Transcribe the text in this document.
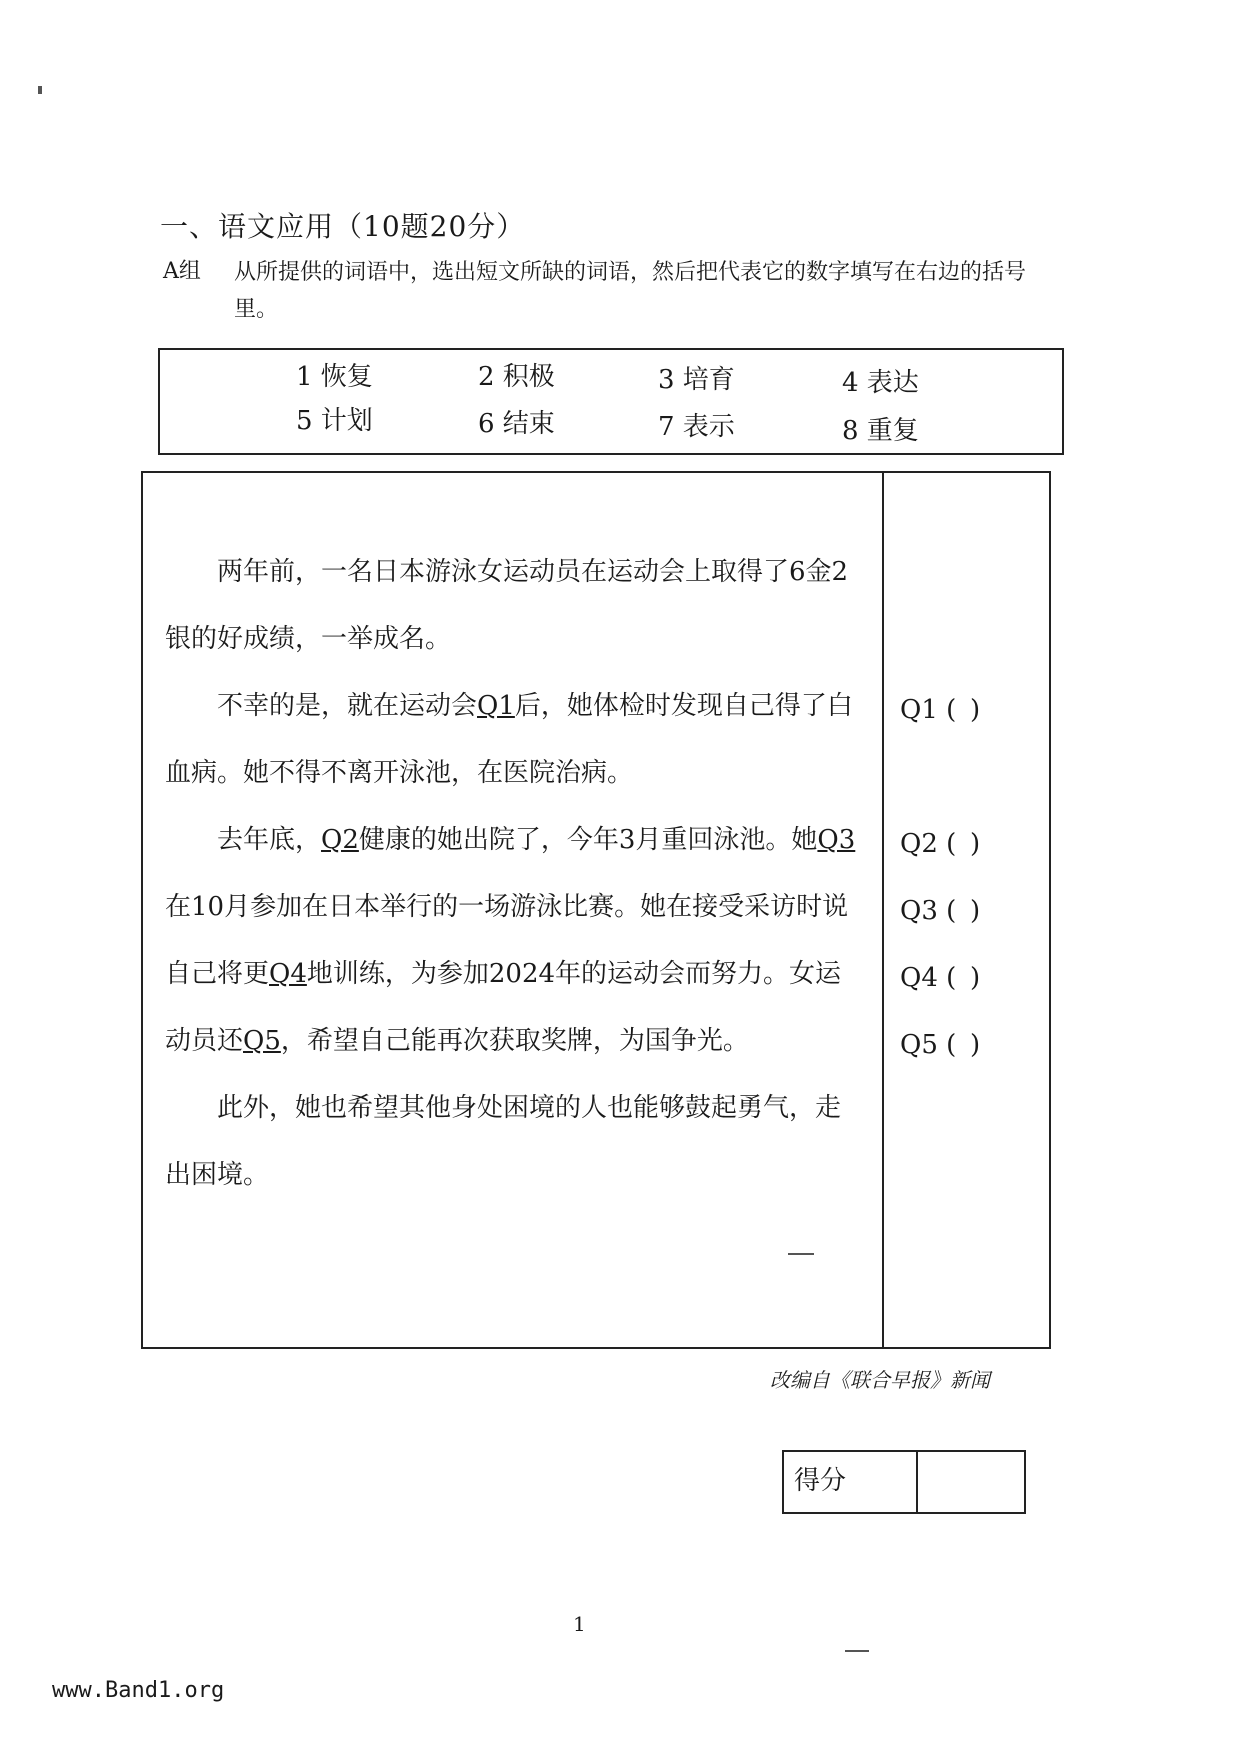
一、语文应用（10题20分）
A组 从所提供的词语中，选出短文所缺的词语，然后把代表它的数字填写在右边的括号里。
1 恢复	2 积极	3 培育	4 表达
5 计划	6 结束	7 表示	8 重复

两年前，一名日本游泳女运动员在运动会上取得了6金2银的好成绩，一举成名。

不幸的是，就在运动会Q1后，她体检时发现自己得了白血病。她不得不离开泳池，在医院治病。

去年底，Q2健康的她出院了，今年3月重回泳池。她Q3在10月参加在日本举行的一场游泳比赛。她在接受采访时说自己将更Q4地训练，为参加2024年的运动会而努力。女运动员还Q5，希望自己能再次获取奖牌，为国争光。

此外，她也希望其他身处困境的人也能够鼓起勇气，走出困境。

Q1 ( )
Q2 ( )
Q3 ( )
Q4 ( )
Q5 ( )
改编自《联合早报》新闻
得分
1
www.Band1.org
